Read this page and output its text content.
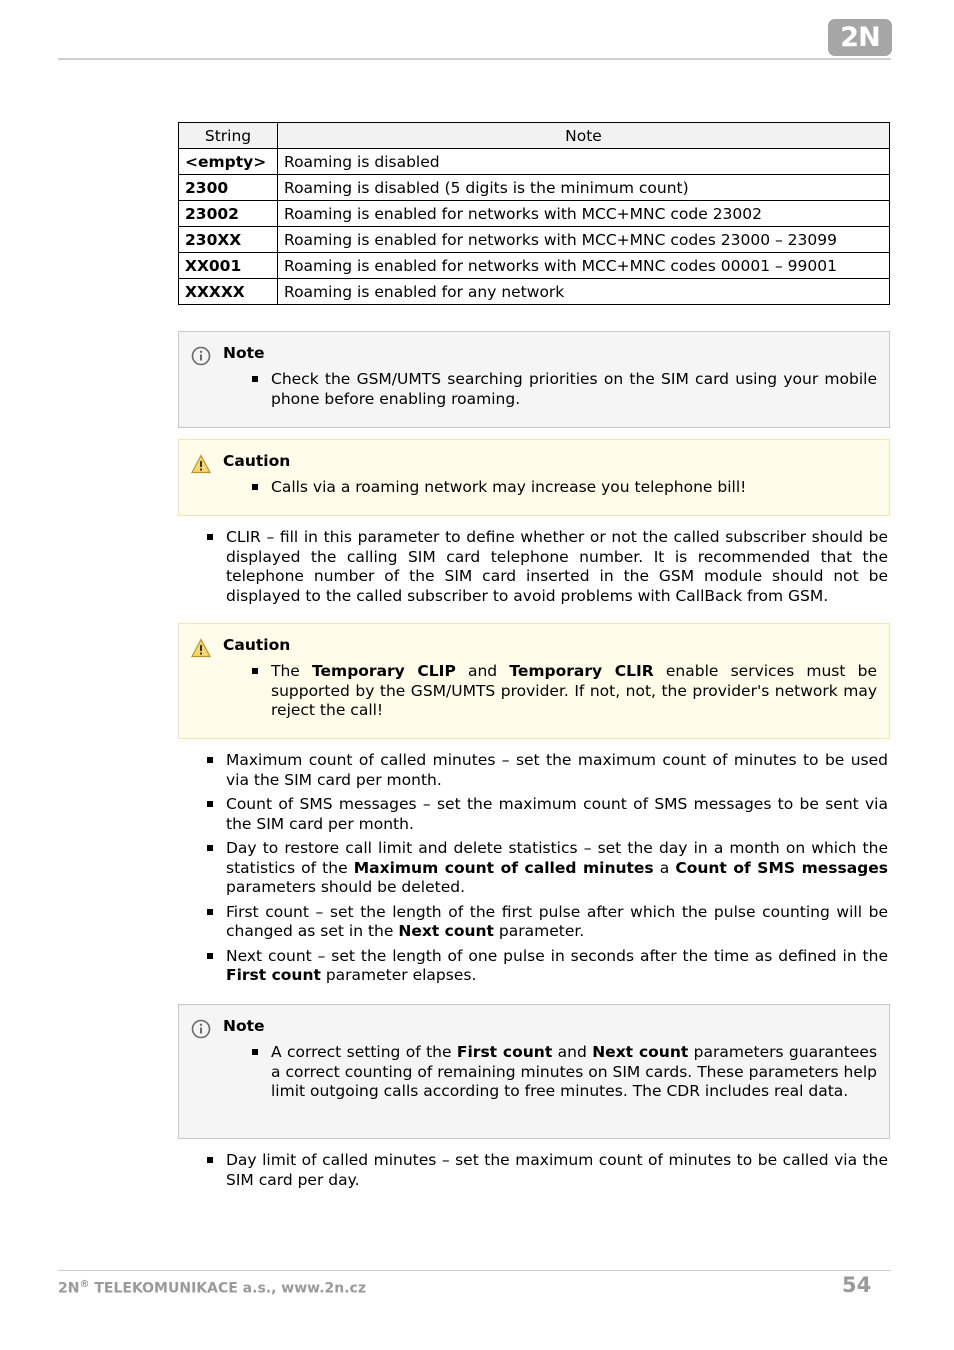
2N
String	Note
<empty>	Roaming is disabled
2300	Roaming is disabled (5 digits is the minimum count)
23002	Roaming is enabled for networks with MCC+MNC code 23002
230XX	Roaming is enabled for networks with MCC+MNC codes 23000 – 23099
XX001	Roaming is enabled for networks with MCC+MNC codes 00001 – 99001
XXXXX	Roaming is enabled for any network
Note
Check the GSM/UMTS searching priorities on the SIM card using your mobile phone before enabling roaming.
Caution
Calls via a roaming network may increase you telephone bill!
CLIR – fill in this parameter to define whether or not the called subscriber should be displayed the calling SIM card telephone number. It is recommended that the telephone number of the SIM card inserted in the GSM module should not be displayed to the called subscriber to avoid problems with CallBack from GSM.
Caution
The Temporary CLIP and Temporary CLIR enable services must be supported by the GSM/UMTS provider. If not, not, the provider's network may reject the call!
Maximum count of called minutes – set the maximum count of minutes to be used via the SIM card per month.
Count of SMS messages – set the maximum count of SMS messages to be sent via the SIM card per month.
Day to restore call limit and delete statistics – set the day in a month on which the statistics of the Maximum count of called minutes a Count of SMS messages parameters should be deleted.
First count – set the length of the first pulse after which the pulse counting will be changed as set in the Next count parameter.
Next count – set the length of one pulse in seconds after the time as defined in the First count parameter elapses.
Note
A correct setting of the First count and Next count parameters guarantees a correct counting of remaining minutes on SIM cards. These parameters help limit outgoing calls according to free minutes. The CDR includes real data.
Day limit of called minutes – set the maximum count of minutes to be called via the SIM card per day.
2N® TELEKOMUNIKACE a.s., www.2n.cz	54
